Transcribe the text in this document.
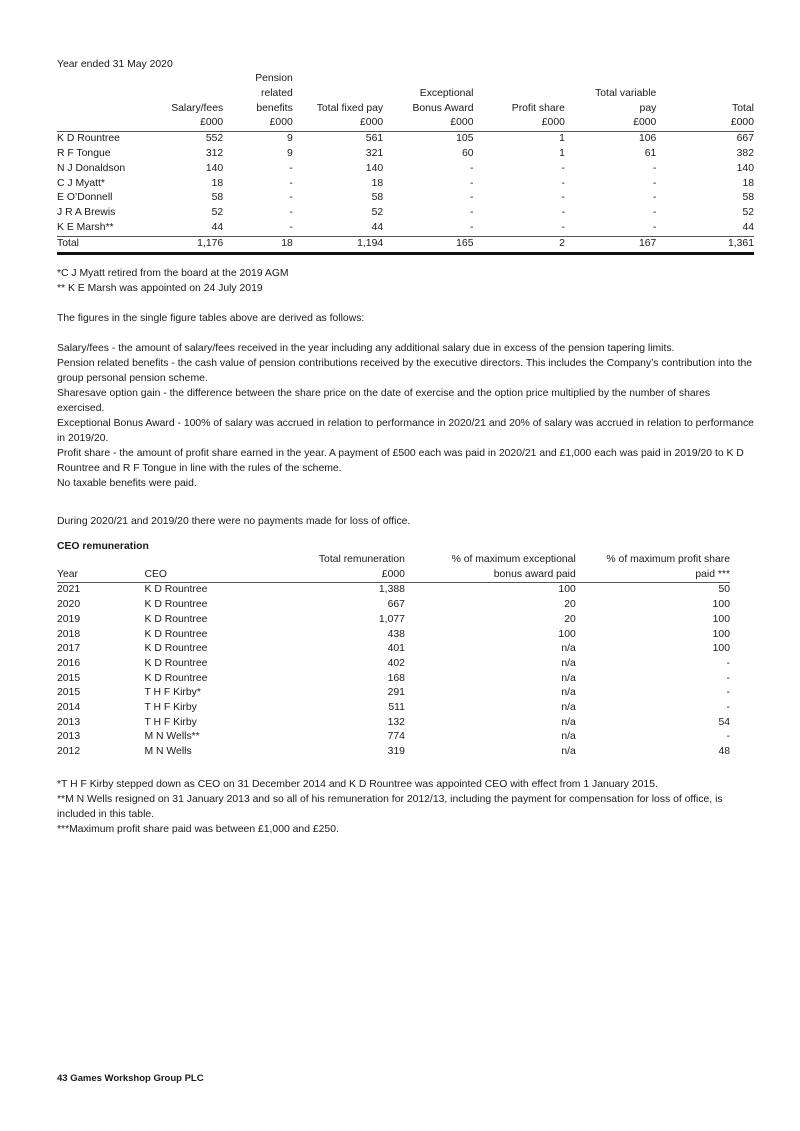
Year ended 31 May 2020
		Pension					
		related		Exceptional		Total variable	
	Salary/fees	benefits	Total fixed pay	Bonus Award	Profit share	pay	Total
	£000	£000	£000	£000	£000	£000	£000
K D Rountree	552	9	561	105	1	106	667
R F Tongue	312	9	321	60	1	61	382
N J Donaldson	140	-	140	-	-	-	140
C J Myatt*	18	-	18	-	-	-	18
E O’Donnell	58	-	58	-	-	-	58
J R A Brewis	52	-	52	-	-	-	52
K E Marsh**	44	-	44	-	-	-	44
Total	1,176	18	1,194	165	2	167	1,361

*C J Myatt retired from the board at the 2019 AGM

** K E Marsh was appointed on 24 July 2019

The figures in the single figure tables above are derived as follows:

Salary/fees - the amount of salary/fees received in the year including any additional salary due in excess of the pension tapering limits.

Pension related benefits - the cash value of pension contributions received by the executive directors. This includes the Company’s contribution into the group personal pension scheme.

Sharesave option gain - the difference between the share price on the date of exercise and the option price multiplied by the number of shares exercised.

Exceptional Bonus Award - 100% of salary was accrued in relation to performance in 2020/21 and 20% of salary was accrued in relation to performance in 2019/20.

Profit share - the amount of profit share earned in the year. A payment of £500 each was paid in 2020/21 and £1,000 each was paid in 2019/20 to K D Rountree and R F Tongue in line with the rules of the scheme.

No taxable benefits were paid.

During 2020/21 and 2019/20 there were no payments made for loss of office.

CEO remuneration
		Total remuneration	% of maximum exceptional	% of maximum profit share
Year	CEO	£000	bonus award paid	paid ***
2021	K D Rountree	1,388	100	50
2020	K D Rountree	667	20	100
2019	K D Rountree	1,077	20	100
2018	K D Rountree	438	100	100
2017	K D Rountree	401	n/a	100
2016	K D Rountree	402	n/a	-
2015	K D Rountree	168	n/a	-
2015	T H F Kirby*	291	n/a	-
2014	T H F Kirby	511	n/a	-
2013	T H F Kirby	132	n/a	54
2013	M N Wells**	774	n/a	-
2012	M N Wells	319	n/a	48

*T H F Kirby stepped down as CEO on 31 December 2014 and K D Rountree was appointed CEO with effect from 1 January 2015.

**M N Wells resigned on 31 January 2013 and so all of his remuneration for 2012/13, including the payment for compensation for loss of office, is included in this table.

***Maximum profit share paid was between £1,000 and £250.

43 Games Workshop Group PLC
